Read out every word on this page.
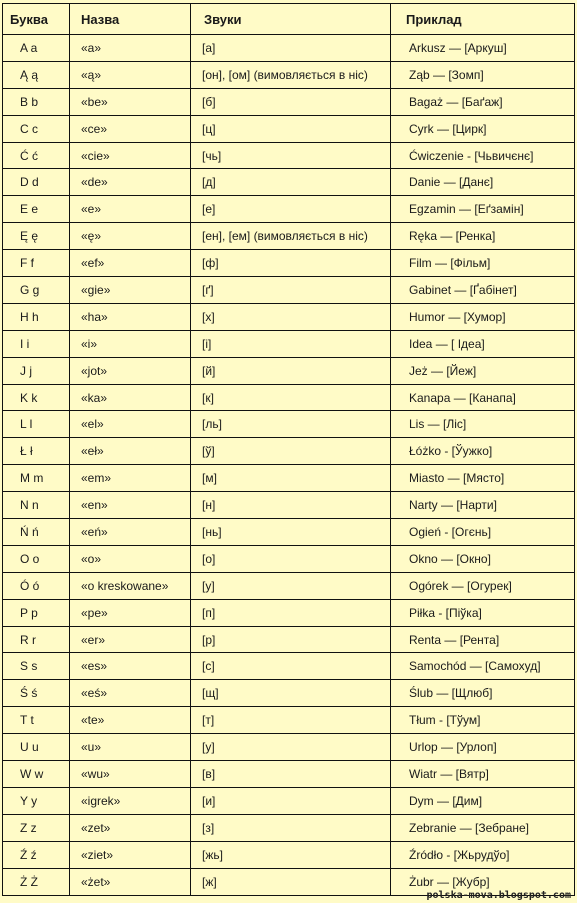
Буква	Назва	Звуки	Приклад
A a	«a»	[a]	Arkusz — [Аркуш]
Ą ą	«ą»	[он], [ом] (вимовляється в ніс)	Ząb — [Зомп]
B b	«be»	[б]	Bagaż — [Баґаж]
C c	«ce»	[ц]	Cyrk — [Цирк]
Ć ć	«cie»	[чь]	Ćwiczenie - [Чьвичєнє]
D d	«de»	[д]	Danie — [Данє]
E e	«e»	[е]	Egzamin — [Еґзамін]
Ę ę	«ę»	[ен], [ем] (вимовляється в ніс)	Ręka — [Ренка]
F f	«ef»	[ф]	Film — [Фільм]
G g	«gie»	[ґ]	Gabinet — [Ґабінет]
H h	«ha»	[х]	Humor — [Хумор]
I i	«i»	[і]	Idea — [ Ідеа]
J j	«jot»	[й]	Jeż — [Йеж]
K k	«ka»	[к]	Kanapa — [Канапа]
L l	«el»	[ль]	Lis — [Ліс]
Ł ł	«eł»	[ў]	Łóżko - [Ўужко]
M m	«em»	[м]	Miasto — [Място]
N n	«en»	[н]	Narty — [Нарти]
Ń ń	«eń»	[нь]	Ogień - [Огєнь]
O o	«o»	[о]	Okno — [Окно]
Ó ó	«o kreskowane»	[у]	Ogórek — [Огурек]
P p	«pe»	[п]	Piłka - [Піўка]
R r	«er»	[р]	Renta — [Рента]
S s	«es»	[с]	Samochód — [Самохуд]
Ś ś	«eś»	[щ]	Ślub — [Щлюб]
T t	«te»	[т]	Tłum - [Тўум]
U u	«u»	[у]	Urlop — [Урлоп]
W w	«wu»	[в]	Wiatr — [Вятр]
Y y	«igrek»	[и]	Dym — [Дим]
Z z	«zet»	[з]	Zebranie — [Зебране]
Ź ź	«ziet»	[жь]	Źródło - [Жьрудўо]
Ż Ż	«żet»	[ж]	Żubr — [Жубр]
polska-mova.blogspot.com
